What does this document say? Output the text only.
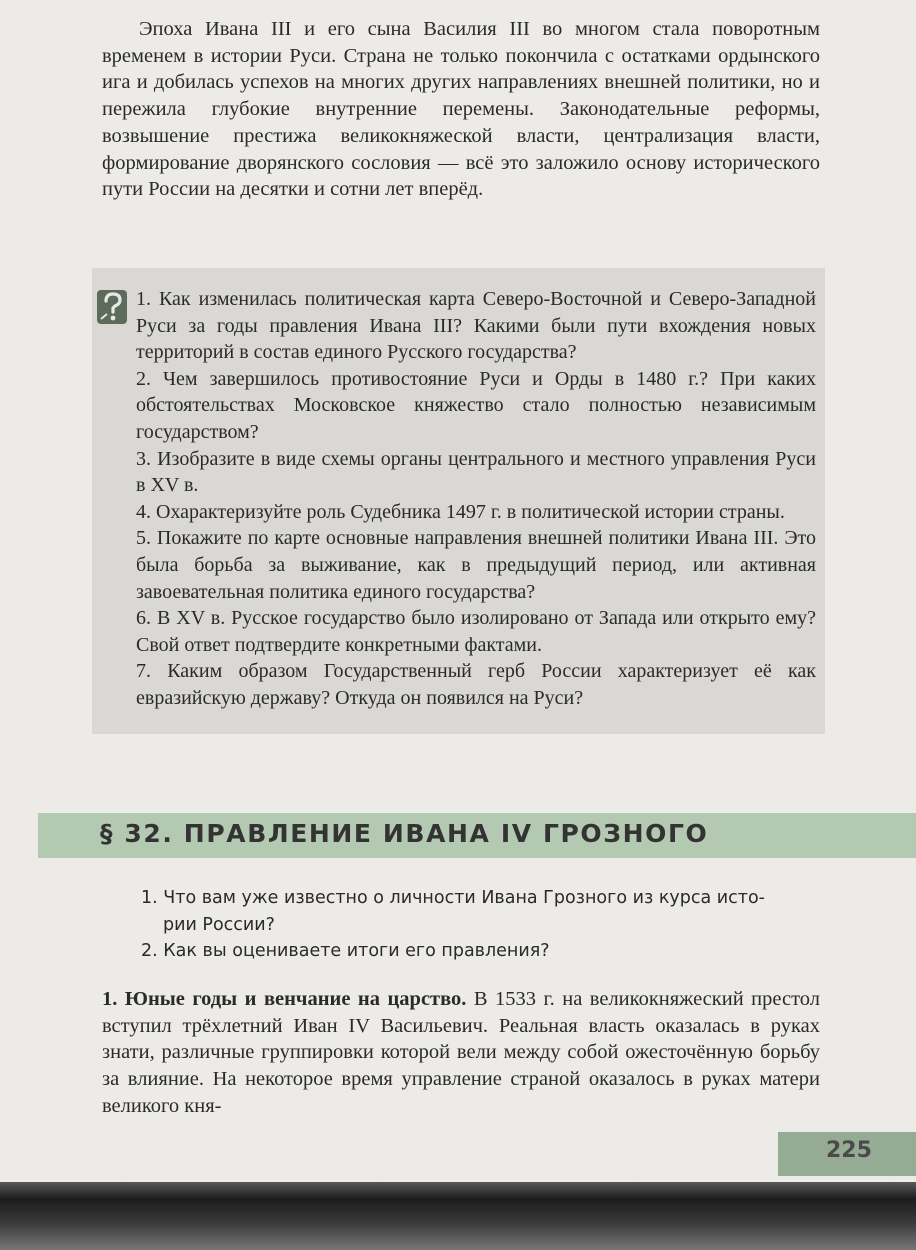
Эпоха Ивана III и его сына Василия III во многом стала поворотным временем в истории Руси. Страна не только покончила с остатками ордынского ига и добилась успехов на многих других направлениях внешней политики, но и пережила глубокие внутренние перемены. Законодательные реформы, возвышение престижа великокняжеской власти, централизация власти, формирование дворянского сословия — всё это заложило основу исторического пути России на десятки и сотни лет вперёд.

1. Как изменилась политическая карта Северо-Восточной и Северо-Западной Руси за годы правления Ивана III? Какими были пути вхождения новых территорий в состав единого Русского государства?
2. Чем завершилось противостояние Руси и Орды в 1480 г.? При каких обстоятельствах Московское княжество стало полностью независимым государством?
3. Изобразите в виде схемы органы центрального и местного управления Руси в XV в.
4. Охарактеризуйте роль Судебника 1497 г. в политической истории страны.
5. Покажите по карте основные направления внешней политики Ивана III. Это была борьба за выживание, как в предыдущий период, или активная завоевательная политика единого государства?
6. В XV в. Русское государство было изолировано от Запада или открыто ему? Свой ответ подтвердите конкретными фактами.
7. Каким образом Государственный герб России характеризует её как евразийскую державу? Откуда он появился на Руси?
§ 32. ПРАВЛЕНИЕ ИВАНА IV ГРОЗНОГО
1. Что вам уже известно о личности Ивана Грозного из курса исто-
рии России?
2. Как вы оцениваете итоги его правления?

1. Юные годы и венчание на царство. В 1533 г. на великокняжеский престол вступил трёхлетний Иван IV Васильевич. Реальная власть оказалась в руках знати, различные группировки которой вели между собой ожесточённую борьбу за влияние. На некоторое время управление страной оказалось в руках матери великого кня-

225
